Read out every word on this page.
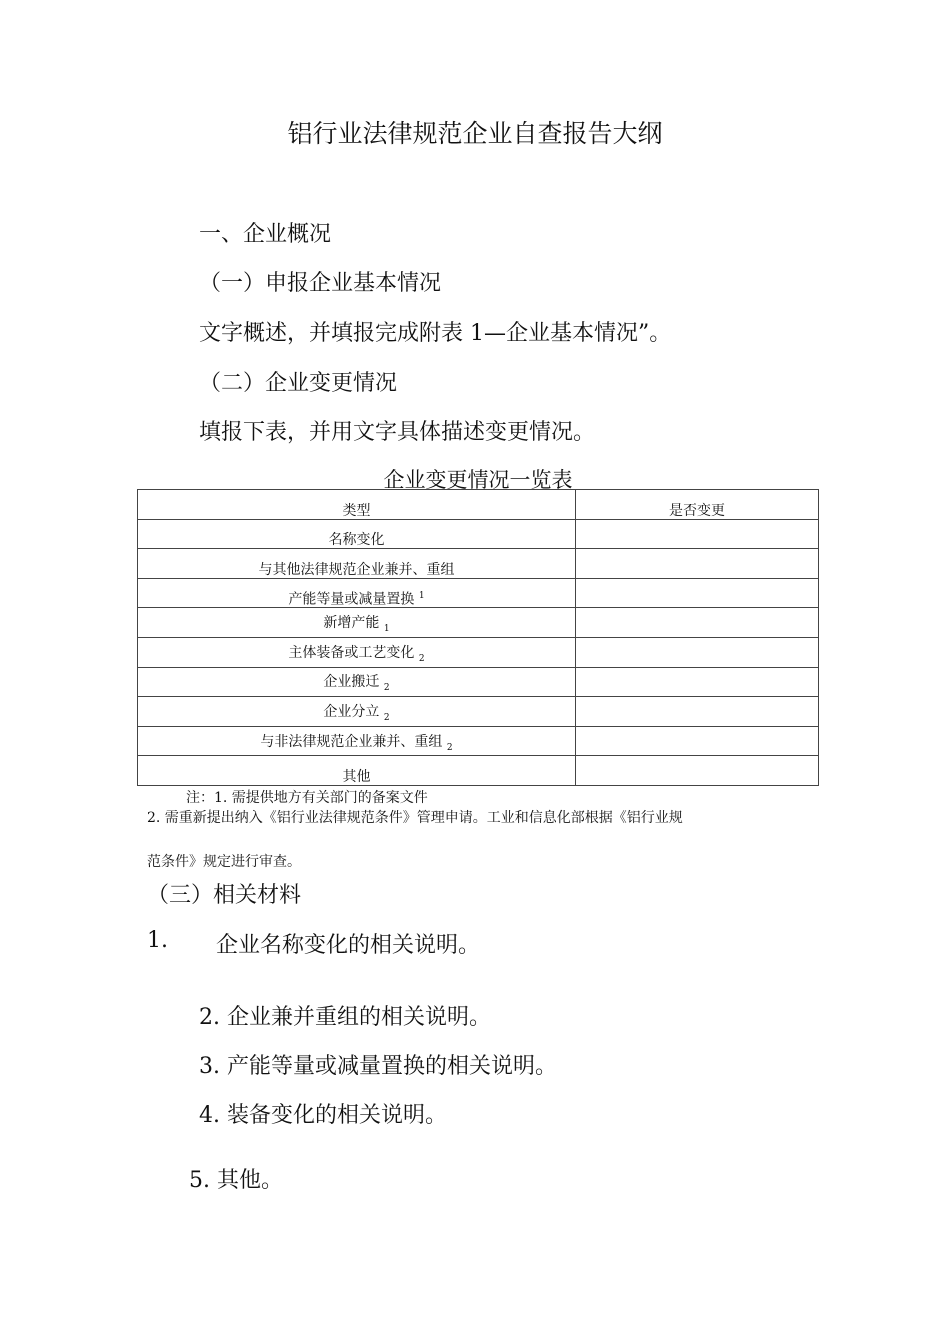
铝行业法律规范企业自查报告大纲
一、企业概况
（一）申报企业基本情况
文字概述，并填报完成附表 1—企业基本情况”。
（二）企业变更情况
填报下表，并用文字具体描述变更情况。
企业变更情况一览表
类型	是否变更
名称变化	
与其他法律规范企业兼并、重组	
产能等量或减量置换 $^1$	
新增产能 $_1$	
主体装备或工艺变化 $_2$	
企业搬迁 $_2$	
企业分立 $_2$	
与非法律规范企业兼并、重组 $_2$	
其他	
注：1. 需提供地方有关部门的备案文件
2. 需重新提出纳入《铝行业法律规范条件》管理申请。工业和信息化部根据《铝行业规
范条件》规定进行审查。
（三）相关材料
1. 企业名称变化的相关说明。
2. 企业兼并重组的相关说明。
3. 产能等量或减量置换的相关说明。
4. 装备变化的相关说明。
5. 其他。
